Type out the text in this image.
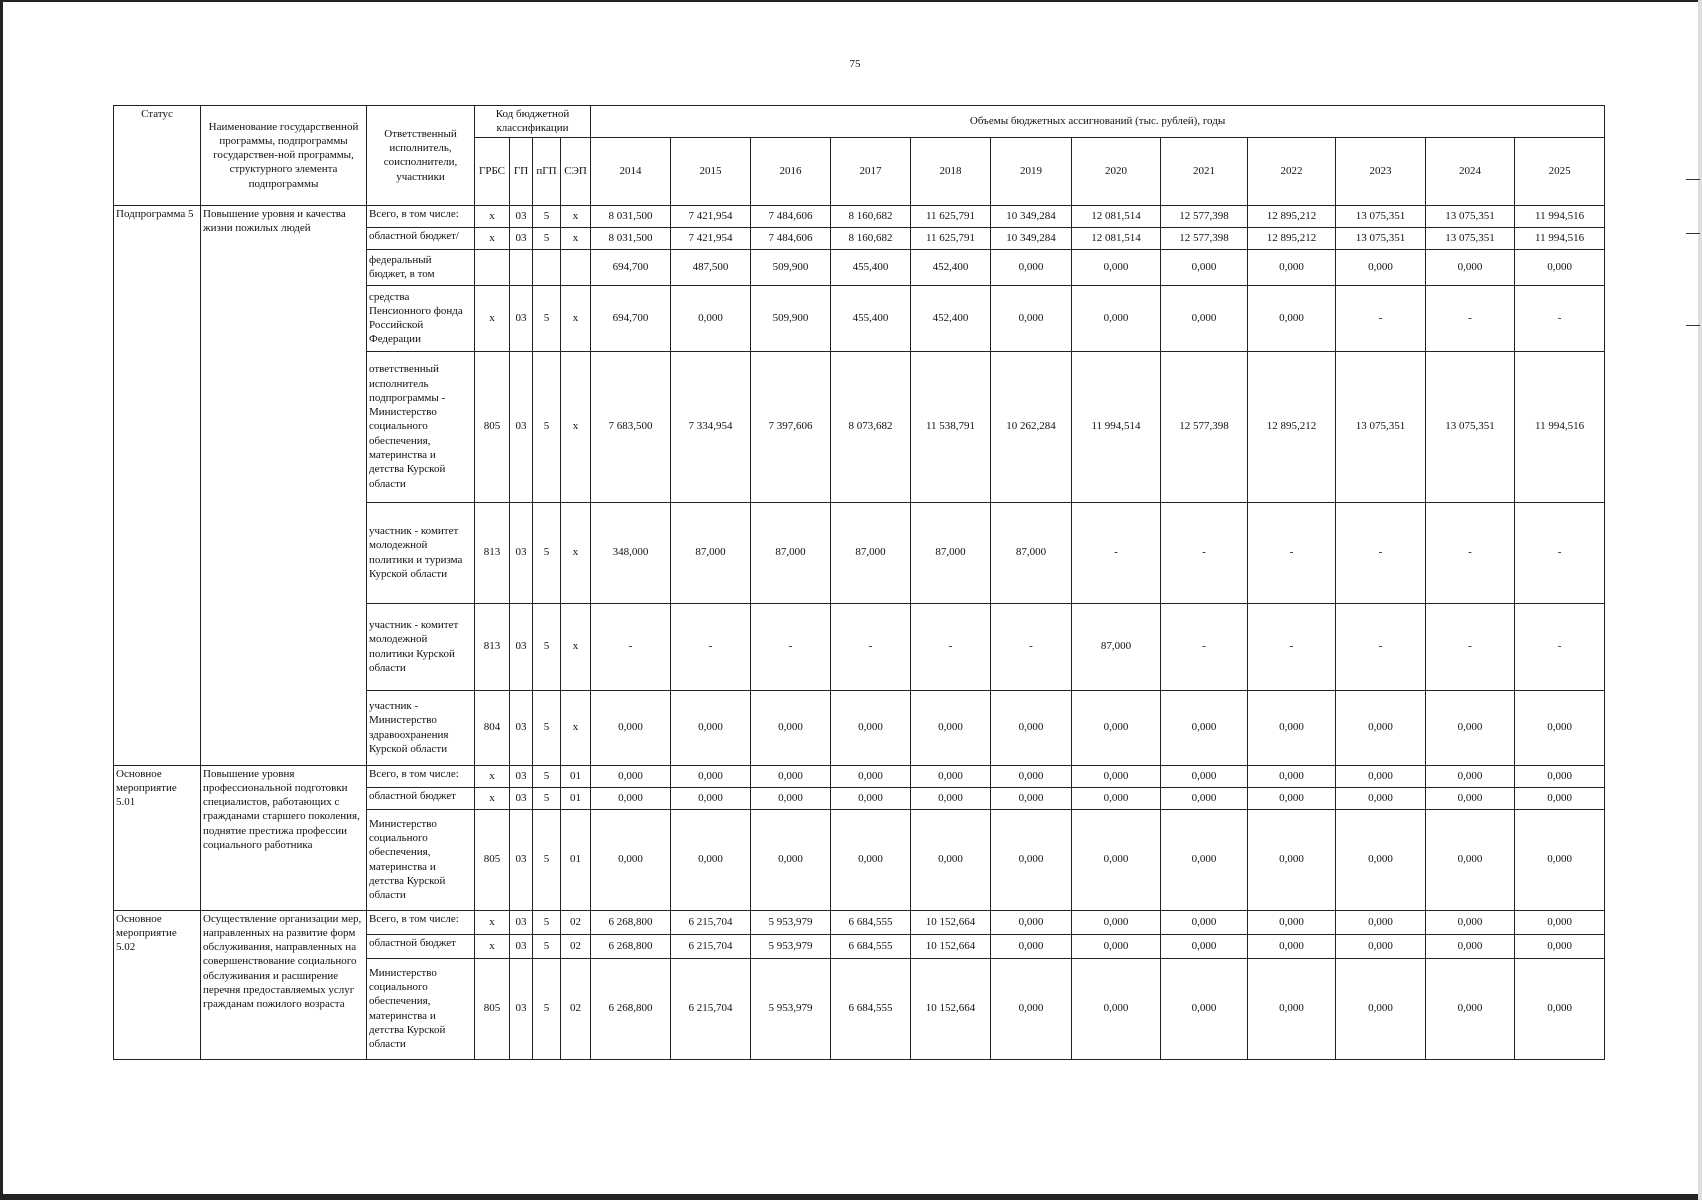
75
Статус	Наименование государственной программы, подпрограммы государствен-ной программы, структурного элемента подпрограммы	Ответственный исполнитель, соисполнители, участники	Код бюджетной классификации				Объемы бюджетных ассигнований (тыс. рублей), годы											
			ГРБС	ГП	пГП	СЭП	2014	2015	2016	2017	2018	2019	2020	2021	2022	2023	2024	2025
Подпрограмма 5	Повышение уровня и качества жизни пожилых людей	Всего, в том числе:	x	03	5	x	8 031,500	7 421,954	7 484,606	8 160,682	11 625,791	10 349,284	12 081,514	12 577,398	12 895,212	13 075,351	13 075,351	11 994,516
		областной бюджет/	x	03	5	x	8 031,500	7 421,954	7 484,606	8 160,682	11 625,791	10 349,284	12 081,514	12 577,398	12 895,212	13 075,351	13 075,351	11 994,516
		федеральный бюджет, в том					694,700	487,500	509,900	455,400	452,400	0,000	0,000	0,000	0,000	0,000	0,000	0,000
		средства Пенсионного фонда Российской Федерации	x	03	5	x	694,700	0,000	509,900	455,400	452,400	0,000	0,000	0,000	0,000	-	-	-
		ответственный исполнитель подпрограммы - Министерство социального обеспечения, материнства и детства Курской области	805	03	5	x	7 683,500	7 334,954	7 397,606	8 073,682	11 538,791	10 262,284	11 994,514	12 577,398	12 895,212	13 075,351	13 075,351	11 994,516
		участник - комитет молодежной политики и туризма Курской области	813	03	5	x	348,000	87,000	87,000	87,000	87,000	87,000	-	-	-	-	-	-
		участник - комитет молодежной политики Курской области	813	03	5	x	-	-	-	-	-	-	87,000	-	-	-	-	-
		участник - Министерство здравоохранения Курской области	804	03	5	x	0,000	0,000	0,000	0,000	0,000	0,000	0,000	0,000	0,000	0,000	0,000	0,000
Основное мероприятие 5.01	Повышение уровня профессиональной подготовки специалистов, работающих с гражданами старшего поколения, поднятие престижа профессии социального работника	Всего, в том числе:	x	03	5	01	0,000	0,000	0,000	0,000	0,000	0,000	0,000	0,000	0,000	0,000	0,000	0,000
		областной бюджет	x	03	5	01	0,000	0,000	0,000	0,000	0,000	0,000	0,000	0,000	0,000	0,000	0,000	0,000
		Министерство социального обеспечения, материнства и детства Курской области	805	03	5	01	0,000	0,000	0,000	0,000	0,000	0,000	0,000	0,000	0,000	0,000	0,000	0,000
Основное мероприятие 5.02	Осуществление организации мер, направленных на развитие форм обслуживания, направленных на совершенствование социального обслуживания и расширение перечня предоставляемых услуг гражданам пожилого возраста	Всего, в том числе:	x	03	5	02	6 268,800	6 215,704	5 953,979	6 684,555	10 152,664	0,000	0,000	0,000	0,000	0,000	0,000	0,000
		областной бюджет	x	03	5	02	6 268,800	6 215,704	5 953,979	6 684,555	10 152,664	0,000	0,000	0,000	0,000	0,000	0,000	0,000
		Министерство социального обеспечения, материнства и детства Курской области	805	03	5	02	6 268,800	6 215,704	5 953,979	6 684,555	10 152,664	0,000	0,000	0,000	0,000	0,000	0,000	0,000
